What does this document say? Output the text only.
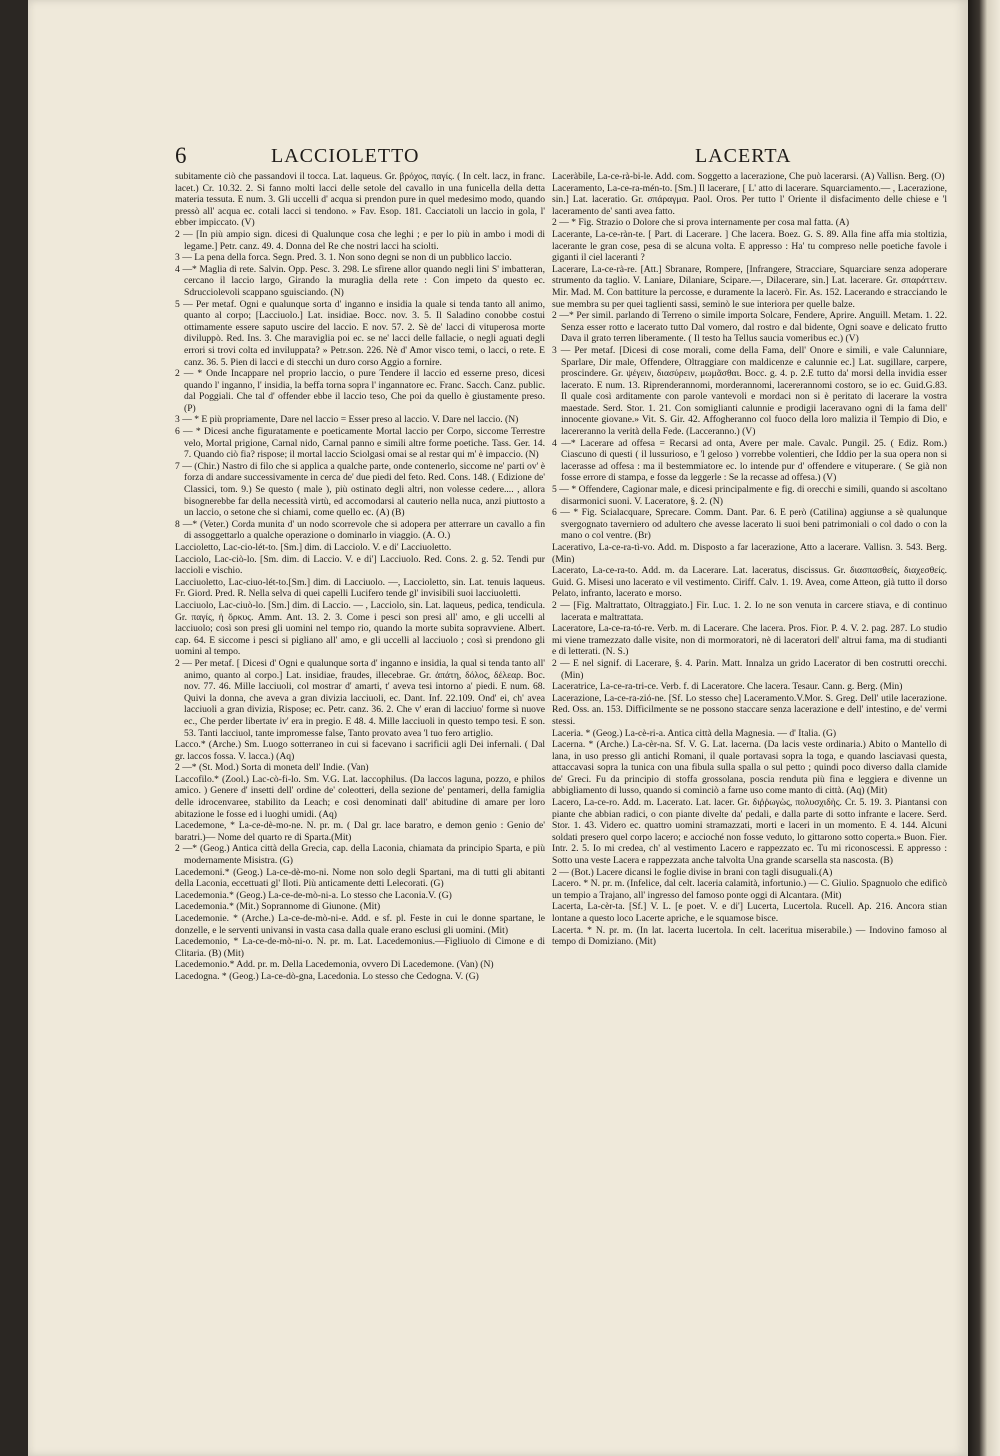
6	LACCIOLETTO	LACERTA

subitamente ciò che passandovi il tocca. Lat. laqueus. Gr. βρόχος, παγίς. ( In celt. lacz, in franc. lacet.) Cr. 10.32. 2. Si fanno molti lacci delle setole del cavallo in una funicella della detta materia tessuta. E num. 3. Gli uccelli d' acqua si prendon pure in quel medesimo modo, quando pressò all' acqua ec. cotali lacci si tendono. » Fav. Esop. 181. Cacciatoli un laccio in gola, l' ebber impiccato. (V)

2 — [In più ampio sign. dicesi di Qualunque cosa che leghi ; e per lo più in ambo i modi di legame.] Petr. canz. 49. 4. Donna del Re che nostri lacci ha sciolti.

3 — La pena della forca. Segn. Pred. 3. 1. Non sono degni se non di un pubblico laccio.

4 —* Maglia di rete. Salvin. Opp. Pesc. 3. 298. Le sfirene allor quando negli lini S' imbatteran, cercano il laccio largo, Girando la muraglia della rete : Con impeto da questo ec. Sdrucciolevoli scappano sguisciando. (N)

5 — Per metaf. Ogni e qualunque sorta d' inganno e insidia la quale si tenda tanto all animo, quanto al corpo; [Lacciuolo.] Lat. insidiae. Bocc. nov. 3. 5. Il Saladino conobbe costui ottimamente essere saputo uscire del laccio. E nov. 57. 2. Sè de' lacci di vituperosa morte diviluppò. Red. Ins. 3. Che maraviglia poi ec. se ne' lacci delle fallacie, o negli aguati degli errori si trovi colta ed inviluppata? » Petr.son. 226. Nè d' Amor visco temi, o lacci, o rete. E canz. 36. 5. Pien di lacci e di stecchi un duro corso Aggio a fornire.

2 — * Onde Incappare nel proprio laccio, o pure Tendere il laccio ed esserne preso, dicesi quando l' inganno, l' insidia, la beffa torna sopra l' ingannatore ec. Franc. Sacch. Canz. public. dal Poggiali. Che tal d' offender ebbe il laccio teso, Che poi da quello è giustamente preso. (P)

3 — * E più propriamente, Dare nel laccio = Esser preso al laccio. V. Dare nel laccio. (N)

6 — * Dicesi anche figuratamente e poeticamente Mortal laccio per Corpo, siccome Terrestre velo, Mortal prigione, Carnal nido, Carnal panno e simili altre forme poetiche. Tass. Ger. 14. 7. Quando ciò fia? rispose; il mortal laccio Sciolgasi omai se al restar qui m' è impaccio. (N)

7 — (Chir.) Nastro di filo che si applica a qualche parte, onde contenerlo, siccome ne' parti ov' è forza di andare successivamente in cerca de' due piedi del feto. Red. Cons. 148. ( Edizione de' Classici, tom. 9.) Se questo ( male ), più ostinato degli altri, non volesse cedere.... , allora bisognerebbe far della necessità virtù, ed accomodarsi al cauterio nella nuca, anzi piuttosto a un laccio, o setone che si chiami, come quello ec. (A) (B)

8 —* (Veter.) Corda munita d' un nodo scorrevole che si adopera per atterrare un cavallo a fin di assoggettarlo a qualche operazione o dominarlo in viaggio. (A. O.)

Laccioletto, Lac-cio-lét-to. [Sm.] dim. di Lacciolo. V. e di' Lacciuoletto.

Lacciolo, Lac-ciò-lo. [Sm. dim. di Laccio. V. e di'] Lacciuolo. Red. Cons. 2. g. 52. Tendi pur laccioli e vischio.

Lacciuoletto, Lac-ciuo-lét-to.[Sm.] dim. di Lacciuolo. —, Laccioletto, sin. Lat. tenuis laqueus. Fr. Giord. Pred. R. Nella selva di quei capelli Lucifero tende gl' invisibili suoi lacciuoletti.

Lacciuolo, Lac-ciuò-lo. [Sm.] dim. di Laccio. — , Lacciolo, sin. Lat. laqueus, pedica, tendicula. Gr. παγίς, ἡ ὄρκυς. Amm. Ant. 13. 2. 3. Come i pesci son presi all' amo, e gli uccelli al lacciuolo; così son presi gli uomini nel tempo rio, quando la morte subita sopravviene. Albert. cap. 64. E siccome i pesci si pigliano all' amo, e gli uccelli al lacciuolo ; così si prendono gli uomini al tempo.

2 — Per metaf. [ Dicesi d' Ogni e qualunque sorta d' inganno e insidia, la qual si tenda tanto all' animo, quanto al corpo.] Lat. insidiae, fraudes, illecebrae. Gr. ἀπάτη, δόλος, δέλεαρ. Boc. nov. 77. 46. Mille lacciuoli, col mostrar d' amarti, t' aveva tesi intorno a' piedi. E num. 68. Quivi la donna, che aveva a gran divizia lacciuoli, ec. Dant. Inf. 22.109. Ond' ei, ch' avea lacciuoli a gran divizia, Rispose; ec. Petr. canz. 36. 2. Che v' eran di lacciuo' forme sì nuove ec., Che perder libertate iv' era in pregio. E 48. 4. Mille lacciuoli in questo tempo tesi. E son. 53. Tanti lacciuol, tante impromesse false, Tanto provato avea 'l tuo fero artiglio.

Lacco.* (Arche.) Sm. Luogo sotterraneo in cui si facevano i sacrificii agli Dei infernali. ( Dal gr. laccos fossa. V. lacca.) (Aq)

2 —* (St. Mod.) Sorta di moneta dell' Indie. (Van)

Laccofilo.* (Zool.) Lac-cò-fi-lo. Sm. V.G. Lat. laccophilus. (Da laccos laguna, pozzo, e philos amico. ) Genere d' insetti dell' ordine de' coleotteri, della sezione de' pentameri, della famiglia delle idrocenvaree, stabilito da Leach; e così denominati dall' abitudine di amare per loro abitazione le fosse ed i luoghi umidi. (Aq)

Lacedemone, * La-ce-dè-mo-ne. N. pr. m. ( Dal gr. lace baratro, e demon genio : Genio de' baratri.)— Nome del quarto re di Sparta.(Mit)

2 —* (Geog.) Antica città della Grecia, cap. della Laconia, chiamata da principio Sparta, e più modernamente Misistra. (G)

Lacedemoni.* (Geog.) La-ce-dè-mo-ni. Nome non solo degli Spartani, ma di tutti gli abitanti della Laconia, eccettuati gl' Iloti. Più anticamente detti Lelecorati. (G)

Lacedemonia.* (Geog.) La-ce-de-mò-ni-a. Lo stesso che Laconia.V. (G)

Lacedemonia.* (Mit.) Soprannome di Giunone. (Mit)

Lacedemonie. * (Arche.) La-ce-de-mò-ni-e. Add. e sf. pl. Feste in cui le donne spartane, le donzelle, e le serventi univansi in vasta casa dalla quale erano esclusi gli uomini. (Mit)

Lacedemonio, * La-ce-de-mò-ni-o. N. pr. m. Lat. Lacedemonius.—Figliuolo di Cimone e di Clitaria. (B) (Mit)

Lacedemonio.* Add. pr. m. Della Lacedemonia, ovvero Di Lacedemone. (Van) (N)

Lacedogna. * (Geog.) La-ce-dò-gna, Lacedonia. Lo stesso che Cedogna. V. (G)

Laceràbile, La-ce-rà-bi-le. Add. com. Soggetto a lacerazione, Che può lacerarsi. (A) Vallisn. Berg. (O)

Laceramento, La-ce-ra-mén-to. [Sm.] Il lacerare, [ L' atto di lacerare. Squarciamento.— , Lacerazione, sin.] Lat. laceratio. Gr. σπάραγμα. Paol. Oros. Per tutto l' Oriente il disfacimento delle chiese e 'l laceramento de' santi avea fatto.

2 — * Fig. Strazio o Dolore che si prova internamente per cosa mal fatta. (A)

Lacerante, La-ce-ràn-te. [ Part. di Lacerare. ] Che lacera. Boez. G. S. 89. Alla fine affa mia stoltizia, lacerante le gran cose, pesa di se alcuna volta. E appresso : Ha' tu compreso nelle poetiche favole i giganti il ciel laceranti ?

Lacerare, La-ce-rà-re. [Att.] Sbranare, Rompere, [Infrangere, Stracciare, Squarciare senza adoperare strumento da taglio. V. Laniare, Dilaniare, Scipare.—, Dilacerare, sin.] Lat. lacerare. Gr. σπαράττειν. Mir. Mad. M. Con battiture la percosse, e duramente la lacerò. Fir. As. 152. Lacerando e stracciando le sue membra su per quei taglienti sassi, seminò le sue interiora per quelle balze.

2 —* Per simil. parlando di Terreno o simile importa Solcare, Fendere, Aprire. Anguill. Metam. 1. 22. Senza esser rotto e lacerato tutto Dal vomero, dal rostro e dal bidente, Ogni soave e delicato frutto Dava il grato terren liberamente. ( Il testo ha Tellus saucia vomeribus ec.) (V)

3 — Per metaf. [Dicesi di cose morali, come della Fama, dell' Onore e simili, e vale Calunniare, Sparlare, Dir male, Offendere, Oltraggiare con maldicenze e calunnie ec.] Lat. sugillare, carpere, proscindere. Gr. ψέγειν, διασύρειν, μωμᾶσθαι. Bocc. g. 4. p. 2.E tutto da' morsi della invidia esser lacerato. E num. 13. Riprenderannomi, morderannomi, lacererannomi costoro, se io ec. Guid.G.83. Il quale così arditamente con parole vantevoli e mordaci non si è peritato di lacerare la vostra maestade. Serd. Stor. 1. 21. Con somiglianti calunnie e prodigii laceravano ogni di la fama dell' innocente giovane.» Vit. S. Gir. 42. Affogheranno col fuoco della loro malizia il Tempio di Dio, e lacereranno la verità della Fede. (Lacceranno.) (V)

4 —* Lacerare ad offesa = Recarsi ad onta, Avere per male. Cavalc. Pungil. 25. ( Ediz. Rom.) Ciascuno di questi ( il lussurioso, e 'l geloso ) vorrebbe volentieri, che Iddio per la sua opera non si lacerasse ad offesa : ma il bestemmiatore ec. lo intende pur d' offendere e vituperare. ( Se già non fosse errore di stampa, e fosse da leggerle : Se la recasse ad offesa.) (V)

5 — * Offendere, Cagionar male, e dicesi principalmente e fig. di orecchi e simili, quando si ascoltano disarmonici suoni. V. Laceratore, §. 2. (N)

6 — * Fig. Scialacquare, Sprecare. Comm. Dant. Par. 6. E però (Catilina) aggiunse a sè qualunque svergognato taverniero od adultero che avesse lacerato li suoi beni patrimoniali o col dado o con la mano o col ventre. (Br)

Lacerativo, La-ce-ra-tì-vo. Add. m. Disposto a far lacerazione, Atto a lacerare. Vallisn. 3. 543. Berg. (Min)

Lacerato, La-ce-ra-to. Add. m. da Lacerare. Lat. laceratus, discissus. Gr. διασπασθείς, διαχεσθείς. Guid. G. Misesi uno lacerato e vil vestimento. Ciriff. Calv. 1. 19. Avea, come Atteon, già tutto il dorso Pelato, infranto, lacerato e morso.

2 — [Fig. Maltrattato, Oltraggiato.] Fir. Luc. 1. 2. Io ne son venuta in carcere stiava, e di continuo lacerata e maltrattata.

Laceratore, La-ce-ra-tó-re. Verb. m. di Lacerare. Che lacera. Pros. Fior. P. 4. V. 2. pag. 287. Lo studio mi viene tramezzato dalle visite, non di mormoratori, nè di laceratori dell' altrui fama, ma di studianti e di letterati. (N. S.)

2 — E nel signif. di Lacerare, §. 4. Parin. Matt. Innalza un grido Lacerator di ben costrutti orecchi. (Min)

Laceratrice, La-ce-ra-tri-ce. Verb. f. di Laceratore. Che lacera. Tesaur. Cann. g. Berg. (Min)

Lacerazione, La-ce-ra-zió-ne. [Sf. Lo stesso che] Laceramento.V.Mor. S. Greg. Dell' utile lacerazione. Red. Oss. an. 153. Difficilmente se ne possono staccare senza lacerazione e dell' intestino, e de' vermi stessi.

Laceria. * (Geog.) La-cè-ri-a. Antica città della Magnesia. — d' Italia. (G)

Lacerna. * (Arche.) La-cèr-na. Sf. V. G. Lat. lacerna. (Da lacis veste ordinaria.) Abito o Mantello di lana, in uso presso gli antichi Romani, il quale portavasi sopra la toga, e quando lasciavasi questa, attaccavasi sopra la tunica con una fibula sulla spalla o sul petto ; quindi poco diverso dalla clamide de' Greci. Fu da principio di stoffa grossolana, poscia renduta più fina e leggiera e divenne un abbigliamento di lusso, quando si cominciò a farne uso come manto di città. (Aq) (Mit)

Lacero, La-ce-ro. Add. m. Lacerato. Lat. lacer. Gr. διῤῥωγὼς, πολυσχιδὴς. Cr. 5. 19. 3. Piantansi con piante che abbian radici, o con piante divelte da' pedali, e dalla parte di sotto infrante e lacere. Serd. Stor. 1. 43. Videro ec. quattro uomini stramazzati, morti e laceri in un momento. E 4. 144. Alcuni soldati presero quel corpo lacero; e accioché non fosse veduto, lo gittarono sotto coperta.» Buon. Fier. Intr. 2. 5. Io mi credea, ch' al vestimento Lacero e rappezzato ec. Tu mi riconoscessi. E appresso : Sotto una veste Lacera e rappezzata anche talvolta Una grande scarsella sta nascosta. (B)

2 — (Bot.) Lacere dicansi le foglie divise in brani con tagli disuguali.(A)

Lacero. * N. pr. m. (Infelice, dal celt. laceria calamità, infortunio.) — C. Giulio. Spagnuolo che edificò un tempio a Trajano, all' ingresso del famoso ponte oggi di Alcantara. (Mit)

Lacerta, La-cèr-ta. [Sf.] V. L. [e poet. V. e di'] Lucerta, Lucertola. Rucell. Ap. 216. Ancora stian lontane a questo loco Lacerte apriche, e le squamose bisce.

Lacerta. * N. pr. m. (In lat. lacerta lucertola. In celt. laceritua miserabile.) — Indovino famoso al tempo di Domiziano. (Mit)
